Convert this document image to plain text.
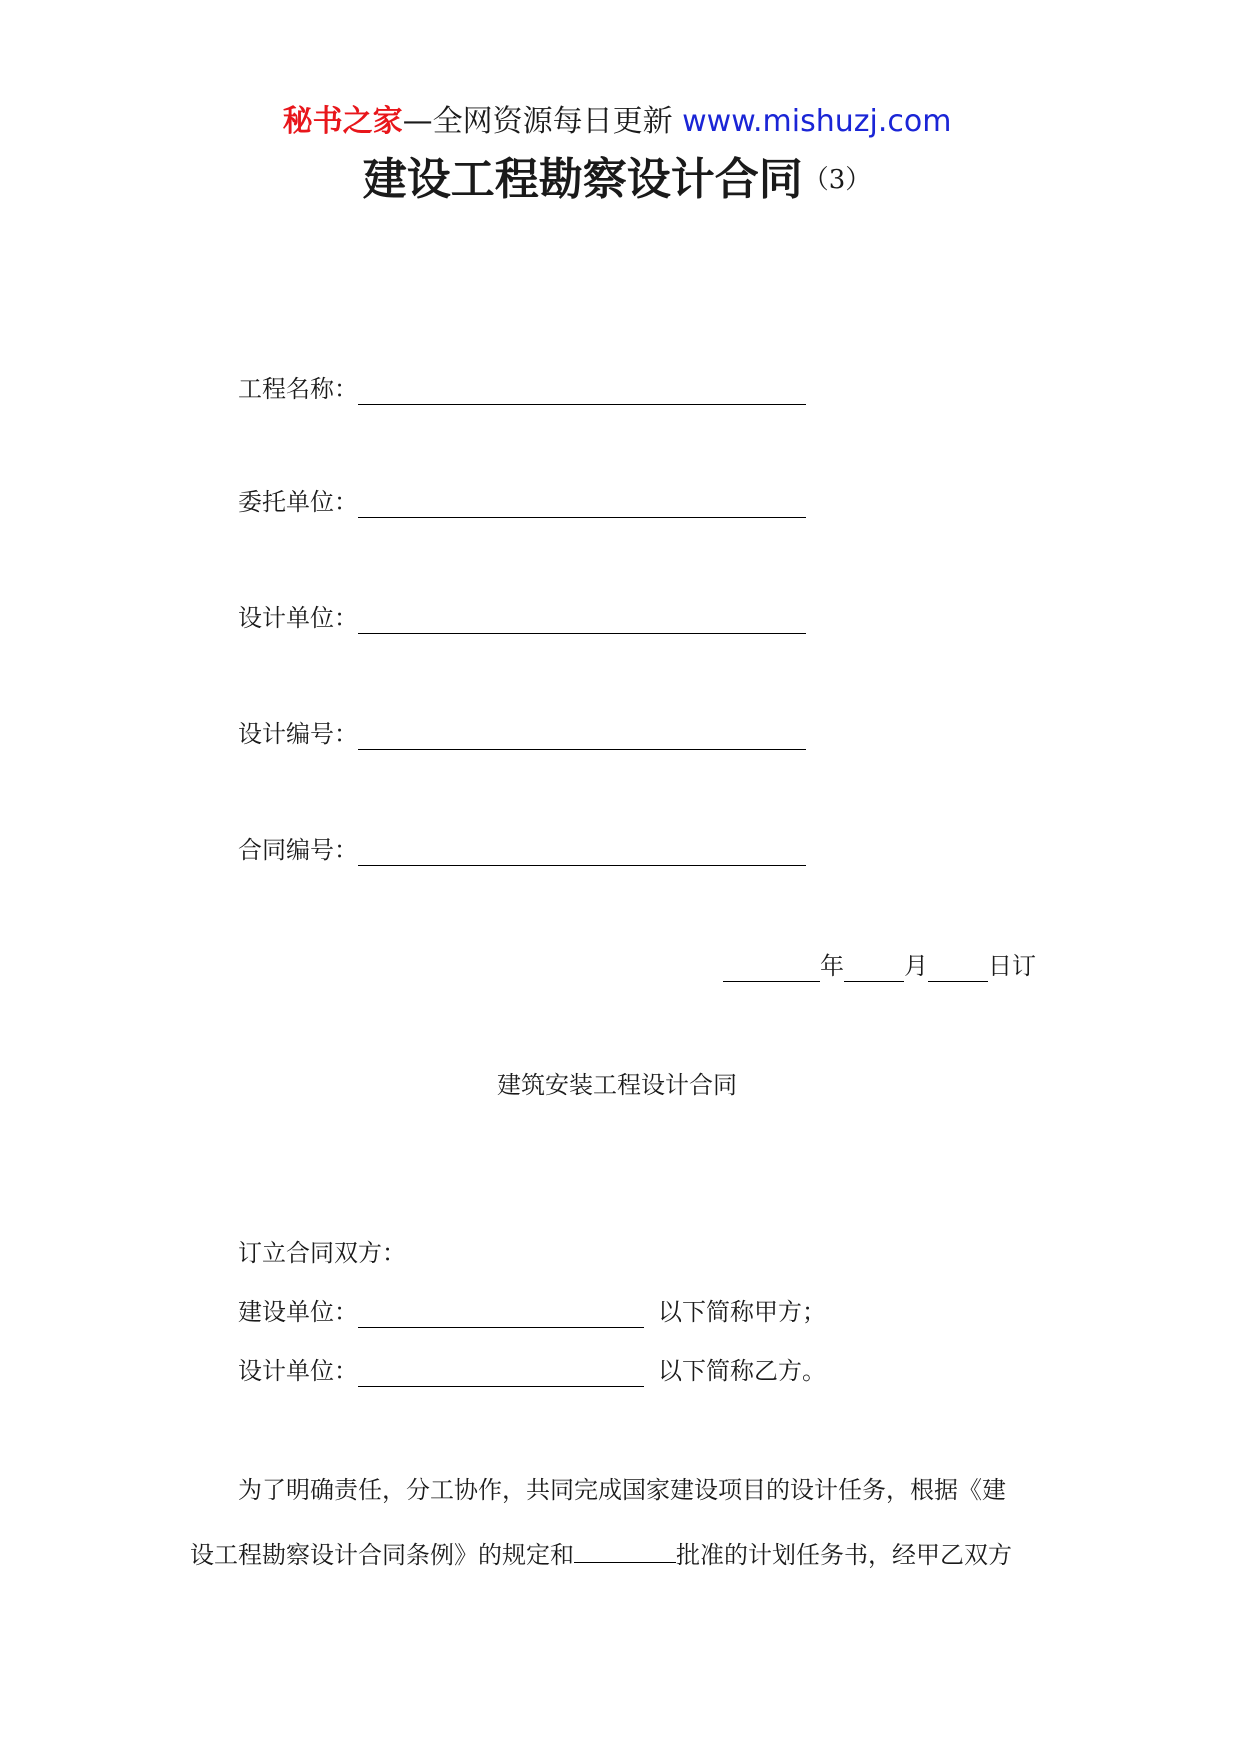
秘书之家—全网资源每日更新 www.mishuzj.com
建设工程勘察设计合同（3）
工程名称：
委托单位：
设计单位：
设计编号：
合同编号：
年	月	日订
建筑安装工程设计合同
订立合同双方：
建设单位：	以下简称甲方；
设计单位：	以下简称乙方。
为了明确责任，分工协作，共同完成国家建设项目的设计任务，根据《建
设工程勘察设计合同条例》的规定和	批准的计划任务书，经甲乙双方
